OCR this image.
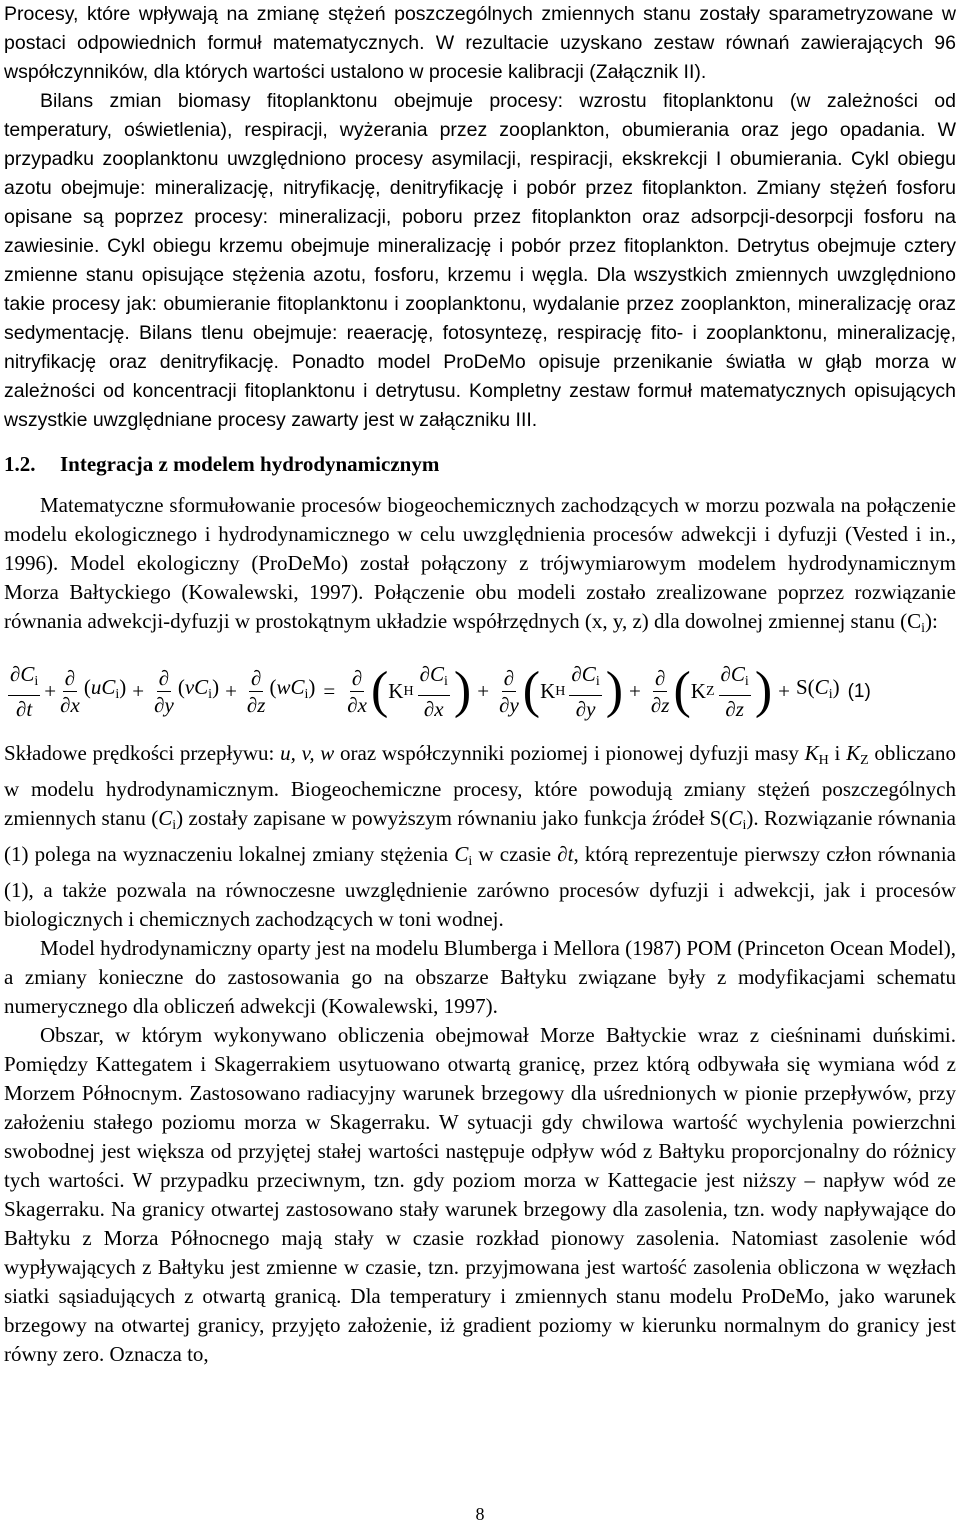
Procesy, które wpływają na zmianę stężeń poszczególnych zmiennych stanu zostały sparametryzowane w postaci odpowiednich formuł matematycznych. W rezultacie uzyskano zestaw równań zawierających 96 współczynników, dla których wartości ustalono w procesie kalibracji (Załącznik II).

Bilans zmian biomasy fitoplanktonu obejmuje procesy: wzrostu fitoplanktonu (w zależności od temperatury, oświetlenia), respiracji, wyżerania przez zooplankton, obumierania oraz jego opadania. W przypadku zooplanktonu uwzględniono procesy asymilacji, respiracji, ekskrekcji I obumierania. Cykl obiegu azotu obejmuje: mineralizację, nitryfikację, denitryfikację i pobór przez fitoplankton. Zmiany stężeń fosforu opisane są poprzez procesy: mineralizacji, poboru przez fitoplankton oraz adsorpcji-desorpcji fosforu na zawiesinie. Cykl obiegu krzemu obejmuje mineralizację i pobór przez fitoplankton. Detrytus obejmuje cztery zmienne stanu opisujące stężenia azotu, fosforu, krzemu i węgla. Dla wszystkich zmiennych uwzględniono takie procesy jak: obumieranie fitoplanktonu i zooplanktonu, wydalanie przez zooplankton, mineralizację oraz sedymentację. Bilans tlenu obejmuje: reaerację, fotosyntezę, respirację fito- i zooplanktonu, mineralizację, nitryfikację oraz denitryfikację. Ponadto model ProDeMo opisuje przenikanie światła w głąb morza w zależności od koncentracji fitoplanktonu i detrytusu. Kompletny zestaw formuł matematycznych opisujących wszystkie uwzględniane procesy zawarty jest w załączniku III.

1.2. Integracja z modelem hydrodynamicznym

Matematyczne sformułowanie procesów biogeochemicznych zachodzących w morzu pozwala na połączenie modelu ekologicznego i hydrodynamicznego w celu uwzględnienia procesów adwekcji i dyfuzji (Vested i in., 1996). Model ekologiczny (ProDeMo) został połączony z trójwymiarowym modelem hydrodynamicznym Morza Bałtyckiego (Kowalewski, 1997). Połączenie obu modeli zostało zrealizowane poprzez rozwiązanie równania adwekcji-dyfuzji w prostokątnym układzie współrzędnych (x, y, z) dla dowolnej zmiennej stanu $(C_i)$:

$\frac{\partial C_i}{\partial t} + \frac{\partial}{\partial x} (uC_i) + \frac{\partial}{\partial y} (vC_i) + \frac{\partial}{\partial z} (wC_i) = \frac{\partial}{\partial x}$ ( K H $\frac{\partial C_i}{\partial x}$ ) + $\frac{\partial}{\partial y}$ ( K H $\frac{\partial C_i}{\partial y}$ ) + $\frac{\partial}{\partial z}$ ( K Z $\frac{\partial C_i}{\partial z}$ ) + $S(C_i)$ (1)

Składowe prędkości przepływu: u, v, w oraz współczynniki poziomej i pionowej dyfuzji masy $K_H$ i $K_Z$ obliczano w modelu hydrodynamicznym. Biogeochemiczne procesy, które powodują zmiany stężeń poszczególnych zmiennych stanu $(C_i)$ zostały zapisane w powyższym równaniu jako funkcja źródeł $S(C_i)$. Rozwiązanie równania (1) polega na wyznaczeniu lokalnej zmiany stężenia $C_i$ w czasie ∂t, którą reprezentuje pierwszy człon równania (1), a także pozwala na równoczesne uwzględnienie zarówno procesów dyfuzji i adwekcji, jak i procesów biologicznych i chemicznych zachodzących w toni wodnej.

Model hydrodynamiczny oparty jest na modelu Blumberga i Mellora (1987) POM (Princeton Ocean Model), a zmiany konieczne do zastosowania go na obszarze Bałtyku związane były z modyfikacjami schematu numerycznego dla obliczeń adwekcji (Kowalewski, 1997).

Obszar, w którym wykonywano obliczenia obejmował Morze Bałtyckie wraz z cieśninami duńskimi. Pomiędzy Kattegatem i Skagerrakiem usytuowano otwartą granicę, przez którą odbywała się wymiana wód z Morzem Północnym. Zastosowano radiacyjny warunek brzegowy dla uśrednionych w pionie przepływów, przy założeniu stałego poziomu morza w Skagerraku. W sytuacji gdy chwilowa wartość wychylenia powierzchni swobodnej jest większa od przyjętej stałej wartości następuje odpływ wód z Bałtyku proporcjonalny do różnicy tych wartości. W przypadku przeciwnym, tzn. gdy poziom morza w Kattegacie jest niższy – napływ wód ze Skagerraku. Na granicy otwartej zastosowano stały warunek brzegowy dla zasolenia, tzn. wody napływające do Bałtyku z Morza Północnego mają stały w czasie rozkład pionowy zasolenia. Natomiast zasolenie wód wypływających z Bałtyku jest zmienne w czasie, tzn. przyjmowana jest wartość zasolenia obliczona w węzłach siatki sąsiadujących z otwartą granicą. Dla temperatury i zmiennych stanu modelu ProDeMo, jako warunek brzegowy na otwartej granicy, przyjęto założenie, iż gradient poziomy w kierunku normalnym do granicy jest równy zero. Oznacza to,

8
